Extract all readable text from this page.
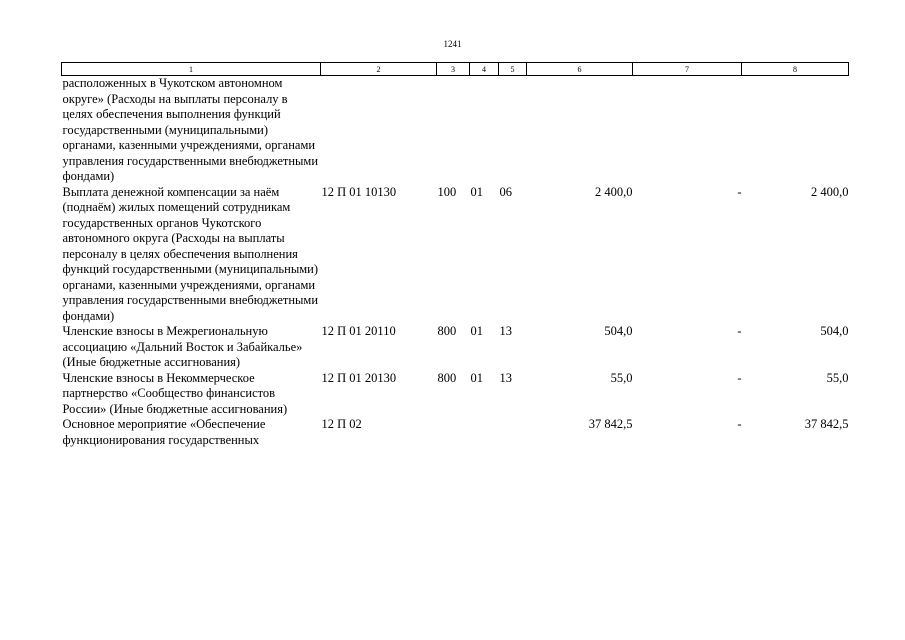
1241
1	2	3	4	5	6	7	8
расположенных в Чукотском автономном округе» (Расходы на выплаты персоналу в целях обеспечения выполнения функций государственными (муниципальными) органами, казенными учреждениями, органами управления государственными внебюджетными фондами)							
Выплата денежной компенсации за наём (поднаём) жилых помещений сотрудникам государственных органов Чукотского автономного округа (Расходы на выплаты персоналу в целях обеспечения выполнения функций государственными (муниципальными) органами, казенными учреждениями, органами управления государственными внебюджетными фондами)	12 П 01 10130	100	01	06	2 400,0	-	2 400,0
Членские взносы в Межрегиональную ассоциацию «Дальний Восток и Забайкалье» (Иные бюджетные ассигнования)	12 П 01 20110	800	01	13	504,0	-	504,0
Членские взносы в Некоммерческое партнерство «Сообщество финансистов России» (Иные бюджетные ассигнования)	12 П 01 20130	800	01	13	55,0	-	55,0
Основное мероприятие «Обеспечение функционирования государственных	12 П 02				37 842,5	-	37 842,5
